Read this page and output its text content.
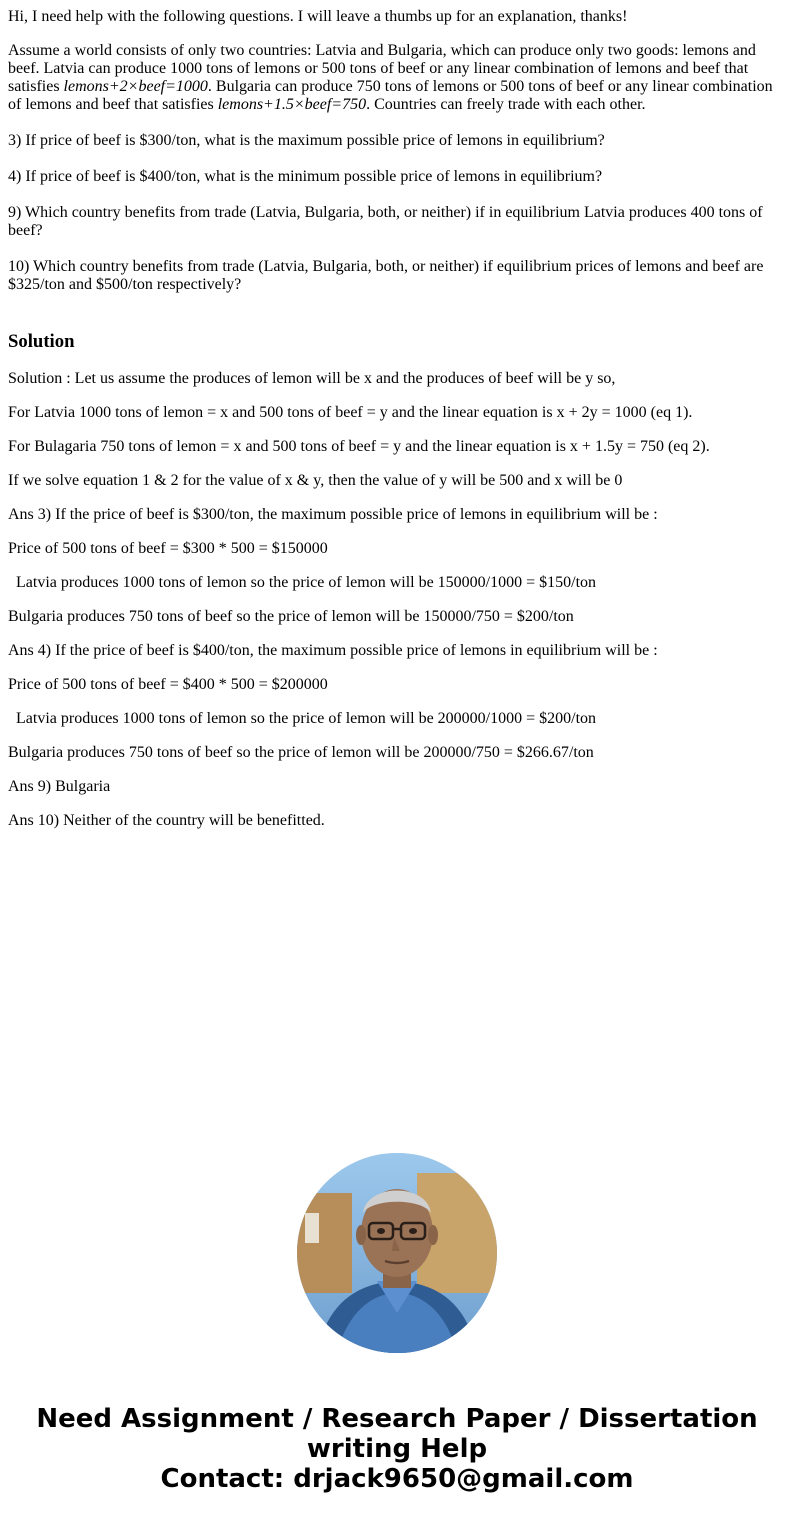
Hi, I need help with the following questions. I will leave a thumbs up for an explanation, thanks!

Assume a world consists of only two countries: Latvia and Bulgaria, which can produce only two goods: lemons and beef. Latvia can produce 1000 tons of lemons or 500 tons of beef or any linear combination of lemons and beef that satisfies lemons+2×beef=1000. Bulgaria can produce 750 tons of lemons or 500 tons of beef or any linear combination of lemons and beef that satisfies lemons+1.5×beef=750. Countries can freely trade with each other.

3) If price of beef is $300/ton, what is the maximum possible price of lemons in equilibrium?

4) If price of beef is $400/ton, what is the minimum possible price of lemons in equilibrium?

9) Which country benefits from trade (Latvia, Bulgaria, both, or neither) if in equilibrium Latvia produces 400 tons of beef?

10) Which country benefits from trade (Latvia, Bulgaria, both, or neither) if equilibrium prices of lemons and beef are $325/ton and $500/ton respectively?

Solution

Solution : Let us assume the produces of lemon will be x and the produces of beef will be y so,

For Latvia 1000 tons of lemon = x and 500 tons of beef = y and the linear equation is x + 2y = 1000 (eq 1).

For Bulagaria 750 tons of lemon = x and 500 tons of beef = y and the linear equation is x + 1.5y = 750 (eq 2).

If we solve equation 1 & 2 for the value of x & y, then the value of y will be 500 and x will be 0

Ans 3) If the price of beef is $300/ton, the maximum possible price of lemons in equilibrium will be :

Price of 500 tons of beef = $300 * 500 = $150000

Latvia produces 1000 tons of lemon so the price of lemon will be 150000/1000 = $150/ton

Bulgaria produces 750 tons of beef so the price of lemon will be 150000/750 = $200/ton

Ans 4) If the price of beef is $400/ton, the maximum possible price of lemons in equilibrium will be :

Price of 500 tons of beef = $400 * 500 = $200000

Latvia produces 1000 tons of lemon so the price of lemon will be 200000/1000 = $200/ton

Bulgaria produces 750 tons of beef so the price of lemon will be 200000/750 = $266.67/ton

Ans 9) Bulgaria

Ans 10) Neither of the country will be benefitted.

Need Assignment / Research Paper / Dissertation
writing Help
Contact: drjack9650@gmail.com
